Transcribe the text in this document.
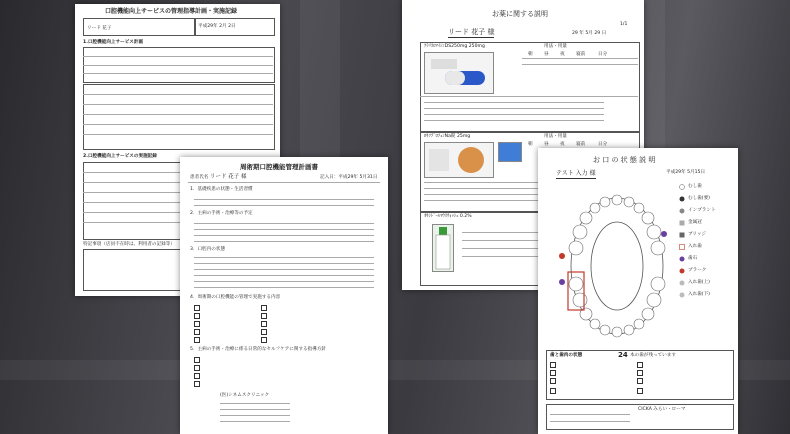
口腔機能向上サービスの管理指導計画・実施記録
リード 花子	平成29年 2月 2日
1.口腔機能向上サービス計画
2.口腔機能向上サービスの実施記録
特記事項（店員不在時は、利用者の記録等）
お薬に関する説明
1/1
リード 花子 様	29 年 5月 29 日
ｸﾗﾘｽﾛﾏｲｼﾝDS250mg 250mg	用法・用量
朝 昼 夜 寝前	日分
ﾛｷｿﾌﾟﾛﾌｪﾝNa錠 25mg	用法・用量
朝 昼 夜 寝前	日分
ｵｷｼﾄﾞｰﾙﾏｳｽｳｫｯｼｭ 0.2%
周術期口腔機能管理計画書
患者氏名 リード 花子 様	記入日：平成29年 5月31日
1．基礎疾患の状態・生活習慣
2．主病の手術・治療等の予定
3．口腔内の状態
4．周術期の口腔機能の管理で実施する内容
5．主病の手術・治療に係る日常的なセルフケアに関する指導方針
(医)シネムスクリニック
お 口 の 状 態 説 明
テスト 入力 様	平成29年 5月15日
むし歯
むし歯(要)
インプラント
金属冠
ブリッジ
入れ歯
歯石
プラーク
入れ歯(上)
入れ歯(下)
歯と歯肉の状態	24 本の歯が残っています
CICKA みらい・ローマ
